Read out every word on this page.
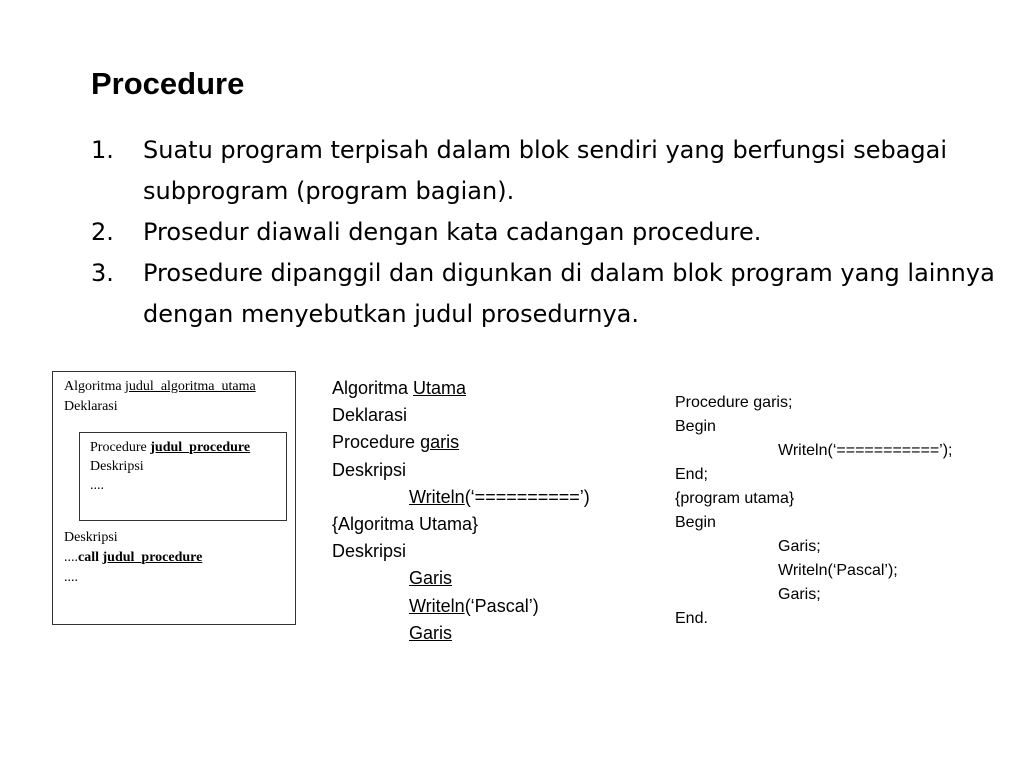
Procedure
1. Suatu program terpisah dalam blok sendiri yang berfungsi sebagai subprogram (program bagian).
2. Prosedur diawali dengan kata cadangan procedure.
3. Prosedure dipanggil dan digunkan di dalam blok program yang lainnya dengan menyebutkan judul prosedurnya.
Algoritma judul_algoritma_utama
Deklarasi
Procedure judul_procedure
Deskripsi
....
Deskripsi
....call judul_procedure
....
Algoritma Utama
Deklarasi
Procedure garis
Deskripsi
Writeln(‘==========’)
{Algoritma Utama}
Deskripsi
Garis
Writeln(‘Pascal’)
Garis
Procedure garis;
Begin
Writeln(‘===========’);
End;
{program utama}
Begin
Garis;
Writeln(‘Pascal’);
Garis;
End.
